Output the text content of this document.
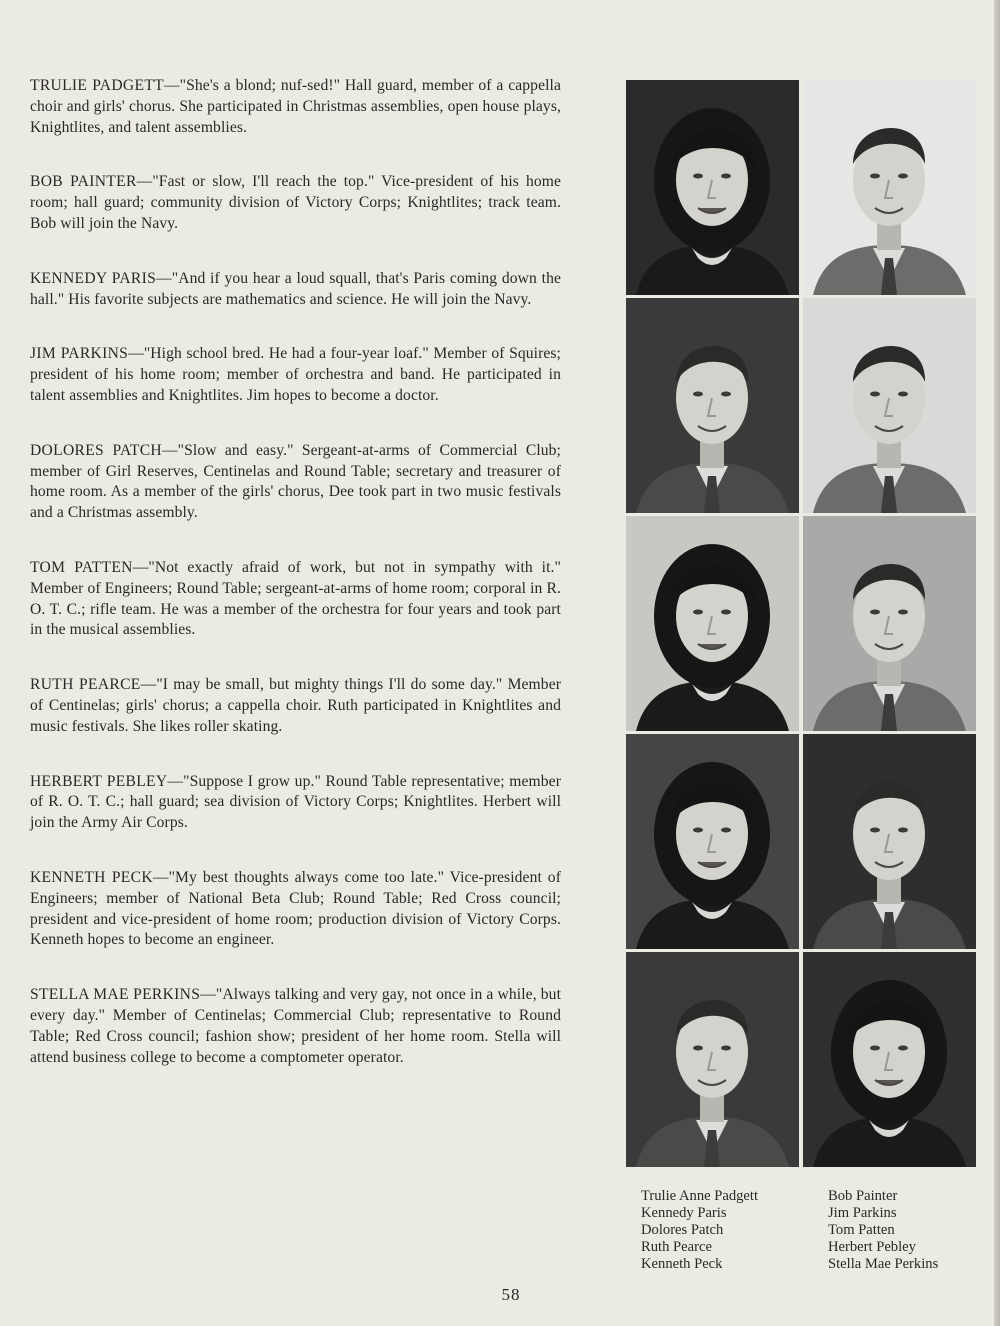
TRULIE PADGETT—"She's a blond; nuf-sed!" Hall guard, member of a cappella choir and girls' chorus. She participated in Christmas assemblies, open house plays, Knightlites, and talent assemblies.

BOB PAINTER—"Fast or slow, I'll reach the top." Vice-president of his home room; hall guard; community division of Victory Corps; Knightlites; track team. Bob will join the Navy.

KENNEDY PARIS—"And if you hear a loud squall, that's Paris coming down the hall." His favorite subjects are mathematics and science. He will join the Navy.

JIM PARKINS—"High school bred. He had a four-year loaf." Member of Squires; president of his home room; member of orchestra and band. He participated in talent assemblies and Knightlites. Jim hopes to become a doctor.

DOLORES PATCH—"Slow and easy." Sergeant-at-arms of Commercial Club; member of Girl Reserves, Centinelas and Round Table; secretary and treasurer of home room. As a member of the girls' chorus, Dee took part in two music festivals and a Christmas assembly.

TOM PATTEN—"Not exactly afraid of work, but not in sympathy with it." Member of Engineers; Round Table; sergeant-at-arms of home room; corporal in R. O. T. C.; rifle team. He was a member of the orchestra for four years and took part in the musical assemblies.

RUTH PEARCE—"I may be small, but mighty things I'll do some day." Member of Centinelas; girls' chorus; a cappella choir. Ruth participated in Knightlites and music festivals. She likes roller skating.

HERBERT PEBLEY—"Suppose I grow up." Round Table representative; member of R. O. T. C.; hall guard; sea division of Victory Corps; Knightlites. Herbert will join the Army Air Corps.

KENNETH PECK—"My best thoughts always come too late." Vice-president of Engineers; member of National Beta Club; Round Table; Red Cross council; president and vice-president of home room; production division of Victory Corps. Kenneth hopes to become an engineer.

STELLA MAE PERKINS—"Always talking and very gay, not once in a while, but every day." Member of Centinelas; Commercial Club; representative to Round Table; Red Cross council; fashion show; president of her home room. Stella will attend business college to become a comptometer operator.

Trulie Anne Padgett
Kennedy Paris
Dolores Patch
Ruth Pearce
Kenneth Peck
Bob Painter
Jim Parkins
Tom Patten
Herbert Pebley
Stella Mae Perkins
58
